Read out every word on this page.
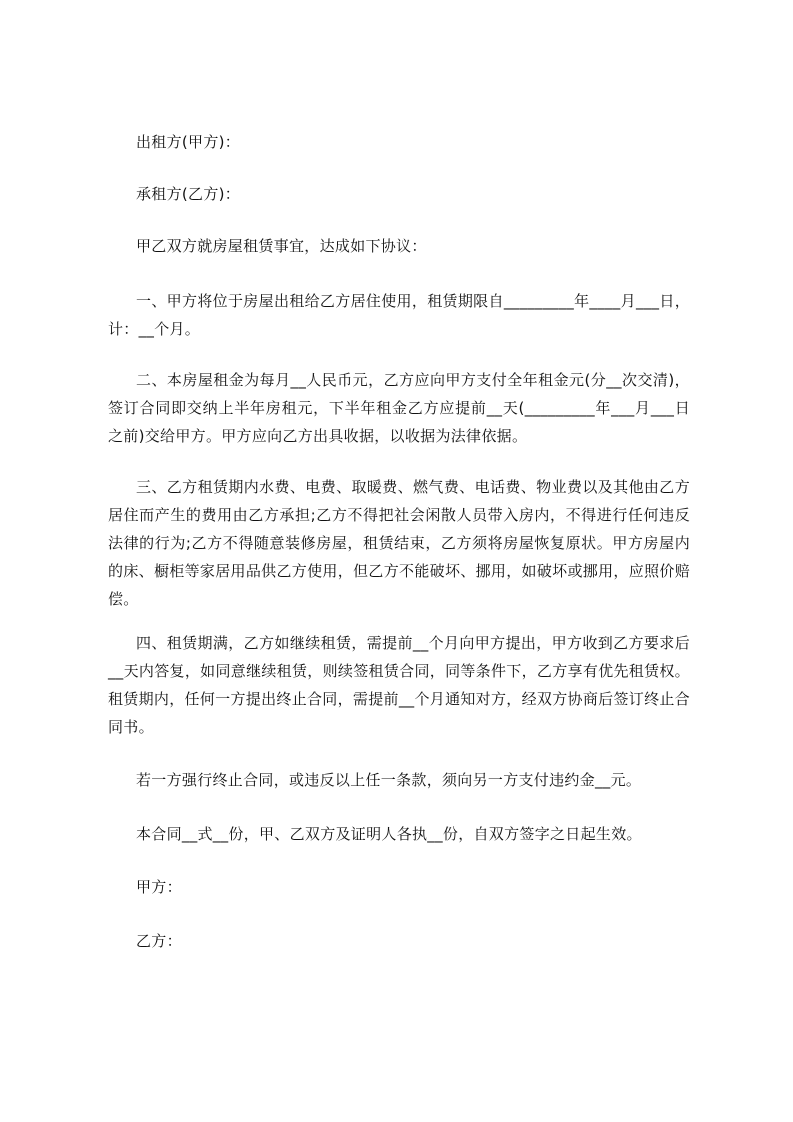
出租方(甲方)：

承租方(乙方)：

甲乙双方就房屋租赁事宜，达成如下协议：

一、甲方将位于房屋出租给乙方居住使用，租赁期限自_________年____月___日，计：__个月。

二、本房屋租金为每月__人民币元，乙方应向甲方支付全年租金元(分__次交清)，签订合同即交纳上半年房租元，下半年租金乙方应提前__天(_________年___月___日之前)交给甲方。甲方应向乙方出具收据，以收据为法律依据。

三、乙方租赁期内水费、电费、取暖费、燃气费、电话费、物业费以及其他由乙方居住而产生的费用由乙方承担;乙方不得把社会闲散人员带入房内，不得进行任何违反法律的行为;乙方不得随意装修房屋，租赁结束，乙方须将房屋恢复原状。甲方房屋内的床、橱柜等家居用品供乙方使用，但乙方不能破坏、挪用，如破坏或挪用，应照价赔偿。

四、租赁期满，乙方如继续租赁，需提前__个月向甲方提出，甲方收到乙方要求后__天内答复，如同意继续租赁，则续签租赁合同，同等条件下，乙方享有优先租赁权。租赁期内，任何一方提出终止合同，需提前__个月通知对方，经双方协商后签订终止合同书。

若一方强行终止合同，或违反以上任一条款，须向另一方支付违约金__元。

本合同__式__份，甲、乙双方及证明人各执__份，自双方签字之日起生效。

甲方：

乙方：
